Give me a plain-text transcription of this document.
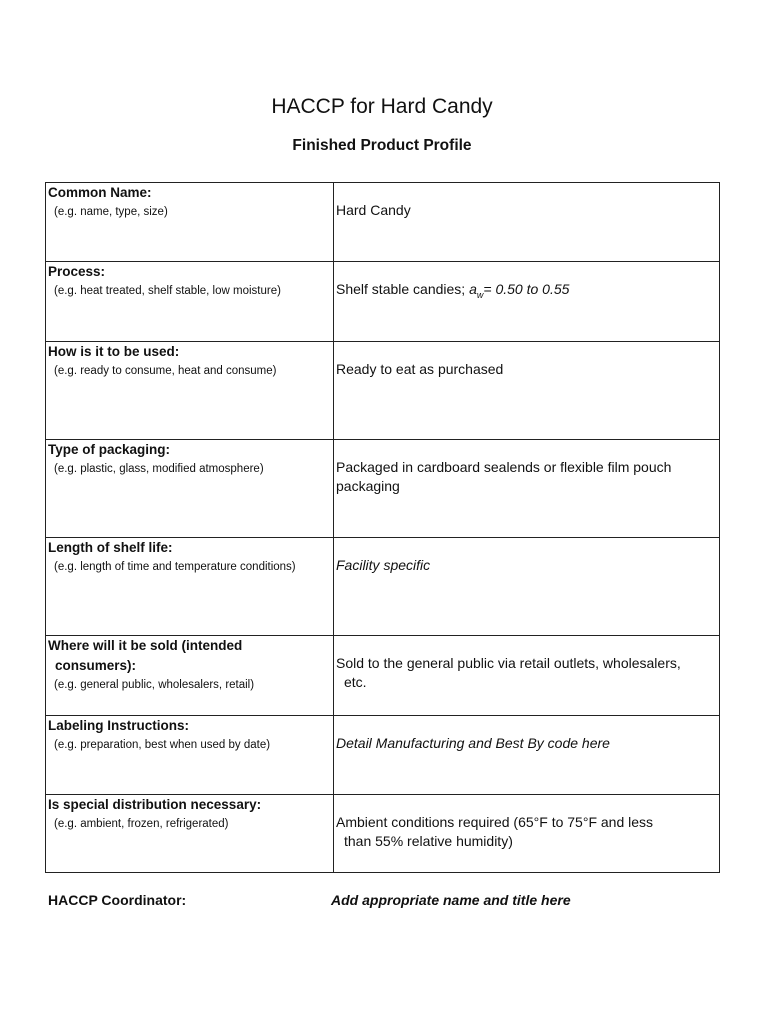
HACCP for Hard Candy
Finished Product Profile
Common Name:
(e.g. name, type, size)	Hard Candy

Process:
(e.g. heat treated, shelf stable, low moisture)	Shelf stable candies; $a_w= 0.50$ to 0.55

How is it to be used:
(e.g. ready to consume, heat and consume)	Ready to eat as purchased

Type of packaging:
(e.g. plastic, glass, modified atmosphere)	Packaged in cardboard sealends or flexible film pouch packaging

Length of shelf life:
(e.g. length of time and temperature conditions)	Facility specific

Where will it be sold (intended
consumers):
(e.g. general public, wholesalers, retail)	Sold to the general public via retail outlets, wholesalers,
etc.

Labeling Instructions:
(e.g. preparation, best when used by date)	Detail Manufacturing and Best By code here

Is special distribution necessary:
(e.g. ambient, frozen, refrigerated)	Ambient conditions required (65°F to 75°F and less
than 55% relative humidity)
HACCP Coordinator:	Add appropriate name and title here
